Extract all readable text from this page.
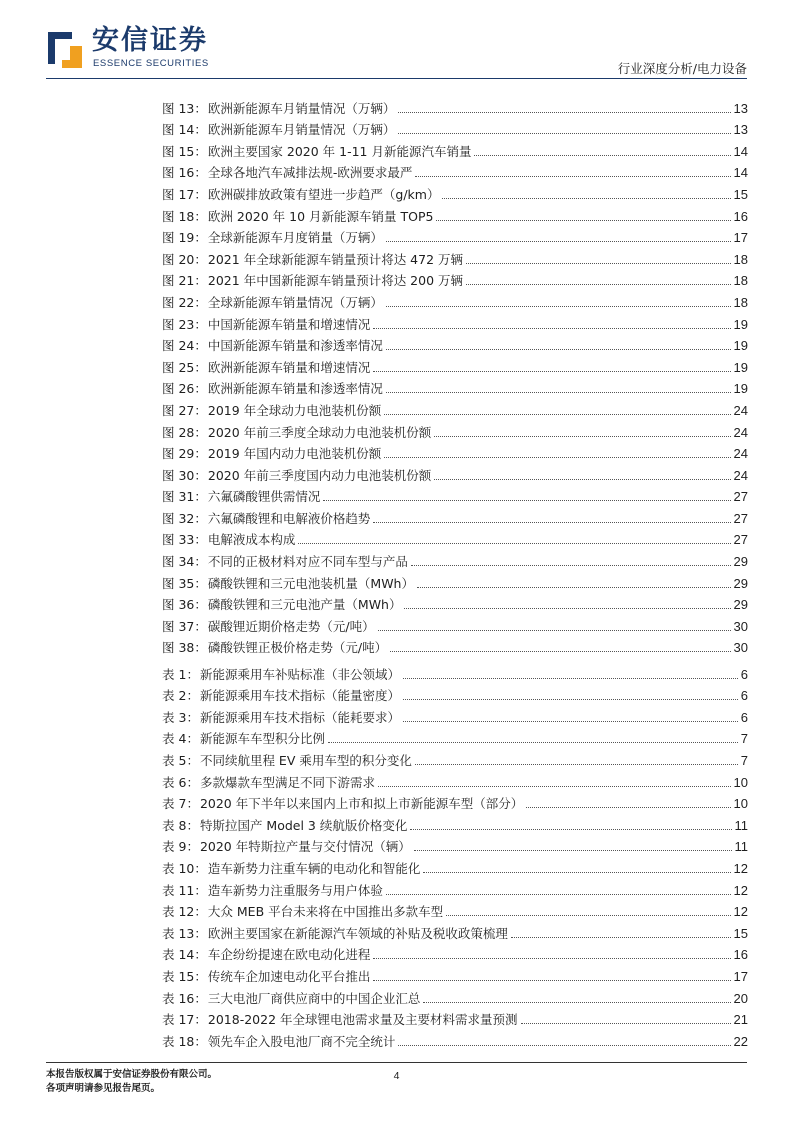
安信证券
ESSENCE SECURITIES	行业深度分析/电力设备
图 13 ：	欧洲新能源车月销量情况（万辆）	13
图 14 ：	欧洲新能源车月销量情况（万辆）	13
图 15 ：	欧洲主要国家 2020 年 1-11 月新能源汽车销量	14
图 16 ：	全球各地汽车减排法规-欧洲要求最严	14
图 17 ：	欧洲碳排放政策有望进一步趋严（g/km）	15
图 18 ：	欧洲 2020 年 10 月新能源车销量 TOP5	16
图 19 ：	全球新能源车月度销量（万辆）	17
图 20 ：	2021 年全球新能源车销量预计将达 472 万辆	18
图 21 ：	2021 年中国新能源车销量预计将达 200 万辆	18
图 22 ：	全球新能源车销量情况（万辆）	18
图 23 ：	中国新能源车销量和增速情况	19
图 24 ：	中国新能源车销量和渗透率情况	19
图 25 ：	欧洲新能源车销量和增速情况	19
图 26 ：	欧洲新能源车销量和渗透率情况	19
图 27 ：	2019 年全球动力电池装机份额	24
图 28 ：	2020 年前三季度全球动力电池装机份额	24
图 29 ：	2019 年国内动力电池装机份额	24
图 30 ：	2020 年前三季度国内动力电池装机份额	24
图 31 ：	六氟磷酸锂供需情况	27
图 32 ：	六氟磷酸锂和电解液价格趋势	27
图 33 ：	电解液成本构成	27
图 34 ：	不同的正极材料对应不同车型与产品	29
图 35 ：	磷酸铁锂和三元电池装机量（MWh）	29
图 36 ：	磷酸铁锂和三元电池产量（MWh）	29
图 37 ：	碳酸锂近期价格走势（元/吨）	30
图 38 ：	磷酸铁锂正极价格走势（元/吨）	30
表 1 ：	新能源乘用车补贴标准（非公领域）	6
表 2 ：	新能源乘用车技术指标（能量密度）	6
表 3 ：	新能源乘用车技术指标（能耗要求）	6
表 4 ：	新能源车车型积分比例	7
表 5 ：	不同续航里程 EV 乘用车型的积分变化	7
表 6 ：	多款爆款车型满足不同下游需求	10
表 7 ：	2020 年下半年以来国内上市和拟上市新能源车型（部分）	10
表 8 ：	特斯拉国产 Model 3 续航版价格变化	11
表 9 ：	2020 年特斯拉产量与交付情况（辆）	11
表 10 ：	造车新势力注重车辆的电动化和智能化	12
表 11 ：	造车新势力注重服务与用户体验	12
表 12 ：	大众 MEB 平台未来将在中国推出多款车型	12
表 13 ：	欧洲主要国家在新能源汽车领域的补贴及税收政策梳理	15
表 14 ：	车企纷纷提速在欧电动化进程	16
表 15 ：	传统车企加速电动化平台推出	17
表 16 ：	三大电池厂商供应商中的中国企业汇总	20
表 17 ：	2018-2022 年全球锂电池需求量及主要材料需求量预测	21
表 18 ：	领先车企入股电池厂商不完全统计	22
本报告版权属于安信证券股份有限公司。
各项声明请参见报告尾页。
4
